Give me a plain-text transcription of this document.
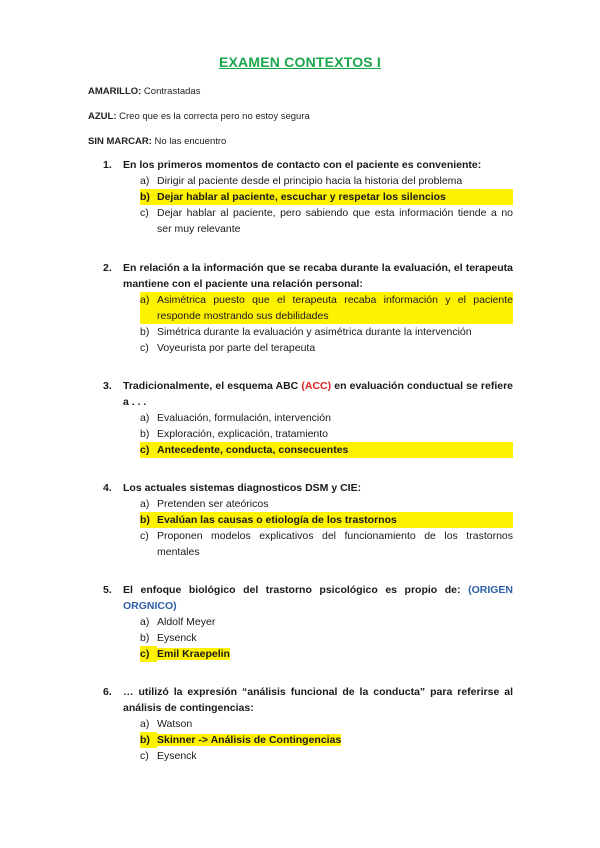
EXAMEN CONTEXTOS I
AMARILLO: Contrastadas
AZUL: Creo que es la correcta pero no estoy segura
SIN MARCAR: No las encuentro
1.	En los primeros momentos de contacto con el paciente es conveniente:
a) Dirigir al paciente desde el principio hacia la historia del problema
b) Dejar hablar al paciente, escuchar y respetar los silencios
c) Dejar hablar al paciente, pero sabiendo que esta información tiende a no ser muy relevante
2.	En relación a la información que se recaba durante la evaluación, el terapeuta mantiene con el paciente una relación personal:
a) Asimétrica puesto que el terapeuta recaba información y el paciente responde mostrando sus debilidades
b) Simétrica durante la evaluación y asimétrica durante la intervención
c) Voyeurista por parte del terapeuta
3.	Tradicionalmente, el esquema ABC (ACC) en evaluación conductual se refiere a . . .
a) Evaluación, formulación, intervención
b) Exploración, explicación, tratamiento
c) Antecedente, conducta, consecuentes
4.	Los actuales sistemas diagnosticos DSM y CIE:
a) Pretenden ser ateóricos
b) Evalúan las causas o etiología de los trastornos
c) Proponen modelos explicativos del funcionamiento de los trastornos mentales
5.	El enfoque biológico del trastorno psicológico es propio de: (ORIGEN ORGNICO)
a) Aldolf Meyer
b) Eysenck
c) Emil Kraepelin
6.	… utilizó la expresión “análisis funcional de la conducta” para referirse al análisis de contingencias:
a) Watson
b) Skinner -> Análisis de Contingencias
c) Eysenck
